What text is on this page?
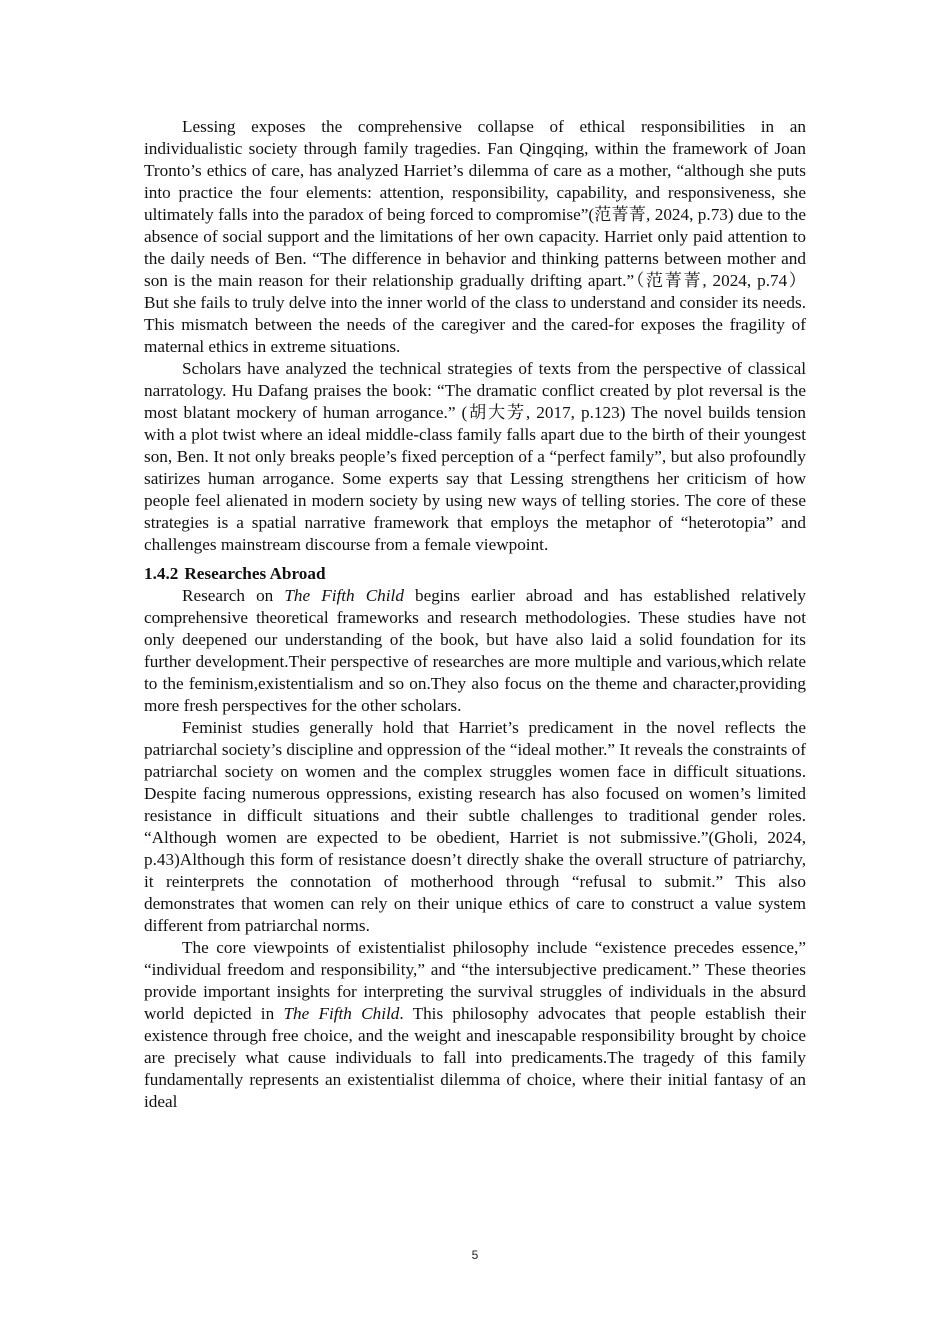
Lessing exposes the comprehensive collapse of ethical responsibilities in an individualistic society through family tragedies. Fan Qingqing, within the framework of Joan Tronto’s ethics of care, has analyzed Harriet’s dilemma of care as a mother, “although she puts into practice the four elements: attention, responsibility, capability, and responsiveness, she ultimately falls into the paradox of being forced to compromise”(范菁菁, 2024, p.73) due to the absence of social support and the limitations of her own capacity. Harriet only paid attention to the daily needs of Ben. “The difference in behavior and thinking patterns between mother and son is the main reason for their relationship gradually drifting apart.”（范菁菁, 2024, p.74） But she fails to truly delve into the inner world of the class to understand and consider its needs. This mismatch between the needs of the caregiver and the cared-for exposes the fragility of maternal ethics in extreme situations.

Scholars have analyzed the technical strategies of texts from the perspective of classical narratology. Hu Dafang praises the book: “The dramatic conflict created by plot reversal is the most blatant mockery of human arrogance.” (胡大芳, 2017, p.123) The novel builds tension with a plot twist where an ideal middle-class family falls apart due to the birth of their youngest son, Ben. It not only breaks people’s fixed perception of a “perfect family”, but also profoundly satirizes human arrogance. Some experts say that Lessing strengthens her criticism of how people feel alienated in modern society by using new ways of telling stories. The core of these strategies is a spatial narrative framework that employs the metaphor of “heterotopia” and challenges mainstream discourse from a female viewpoint.

1.4.2 Researches Abroad

Research on The Fifth Child begins earlier abroad and has established relatively comprehensive theoretical frameworks and research methodologies. These studies have not only deepened our understanding of the book, but have also laid a solid foundation for its further development.Their perspective of researches are more multiple and various,which relate to the feminism,existentialism and so on.They also focus on the theme and character,providing more fresh perspectives for the other scholars.

Feminist studies generally hold that Harriet’s predicament in the novel reflects the patriarchal society’s discipline and oppression of the “ideal mother.” It reveals the constraints of patriarchal society on women and the complex struggles women face in difficult situations. Despite facing numerous oppressions, existing research has also focused on women’s limited resistance in difficult situations and their subtle challenges to traditional gender roles. “Although women are expected to be obedient, Harriet is not submissive.”(Gholi, 2024, p.43)Although this form of resistance doesn’t directly shake the overall structure of patriarchy, it reinterprets the connotation of motherhood through “refusal to submit.” This also demonstrates that women can rely on their unique ethics of care to construct a value system different from patriarchal norms.

The core viewpoints of existentialist philosophy include “existence precedes essence,” “individual freedom and responsibility,” and “the intersubjective predicament.” These theories provide important insights for interpreting the survival struggles of individuals in the absurd world depicted in The Fifth Child. This philosophy advocates that people establish their existence through free choice, and the weight and inescapable responsibility brought by choice are precisely what cause individuals to fall into predicaments.The tragedy of this family fundamentally represents an existentialist dilemma of choice, where their initial fantasy of an ideal

5
